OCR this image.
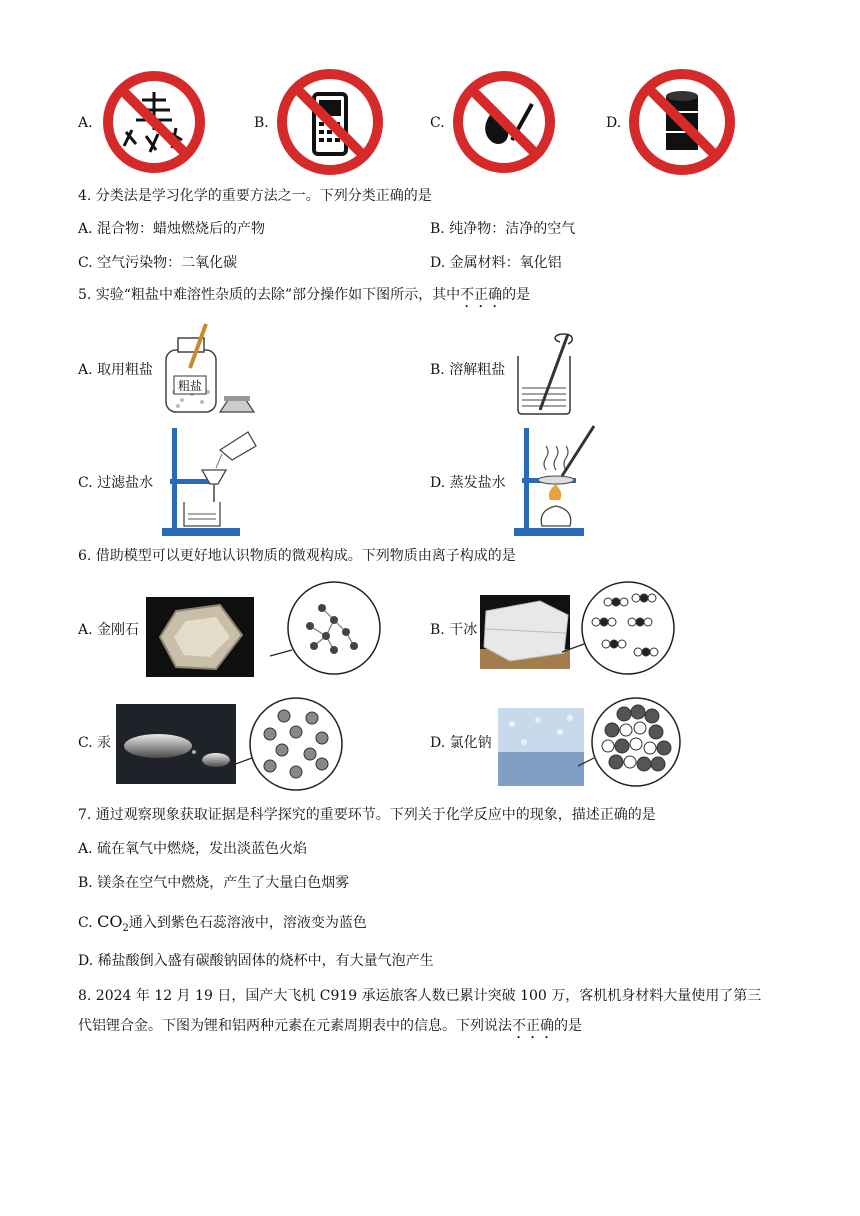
A.	B.	C.	D.
4. 分类法是学习化学的重要方法之一。下列分类正确的是
A. 混合物：蜡烛燃烧后的产物	B. 纯净物：洁净的空气
C. 空气污染物：二氧化碳	D. 金属材料：氧化铝
5. 实验“粗盐中难溶性杂质的去除”部分操作如下图所示，其中不正确的是
A. 取用粗盐
粗盐
B. 溶解粗盐
C. 过滤盐水	D. 蒸发盐水
6. 借助模型可以更好地认识物质的微观构成。下列物质由离子构成的是
A. 金刚石	B. 干冰
C. 汞	D. 氯化钠
7. 通过观察现象获取证据是科学探究的重要环节。下列关于化学反应中的现象，描述正确的是
A. 硫在氧气中燃烧，发出淡蓝色火焰
B. 镁条在空气中燃烧，产生了大量白色烟雾
C. $CO_2$通入到紫色石蕊溶液中，溶液变为蓝色
D. 稀盐酸倒入盛有碳酸钠固体的烧杯中，有大量气泡产生
8. 2024 年 12 月 19 日，国产大飞机 C919 承运旅客人数已累计突破 100 万，客机机身材料大量使用了第三
代铝锂合金。下图为锂和铝两种元素在元素周期表中的信息。下列说法不正确的是
